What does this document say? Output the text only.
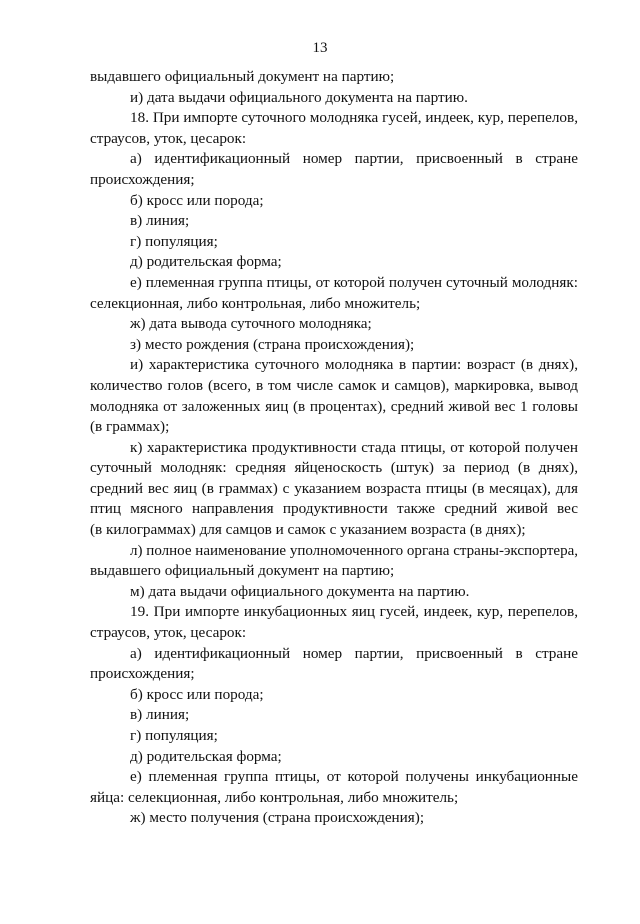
13
выдавшего официальный документ на партию;
и) дата выдачи официального документа на партию.
18. При импорте суточного молодняка гусей, индеек, кур, перепелов,
страусов, уток, цесарок:
а) идентификационный номер партии, присвоенный в стране
происхождения;
б) кросс или порода;
в) линия;
г) популяция;
д) родительская форма;
е) племенная группа птицы, от которой получен суточный молодняк:
селекционная, либо контрольная, либо множитель;
ж) дата вывода суточного молодняка;
з) место рождения (страна происхождения);
и) характеристика суточного молодняка в партии: возраст (в днях),
количество голов (всего, в том числе самок и самцов), маркировка, вывод
молодняка от заложенных яиц (в процентах), средний живой вес 1 головы
(в граммах);
к) характеристика продуктивности стада птицы, от которой получен
суточный молодняк: средняя яйценоскость (штук) за период (в днях),
средний вес яиц (в граммах) с указанием возраста птицы (в месяцах), для
птиц мясного направления продуктивности также средний живой вес
(в килограммах) для самцов и самок с указанием возраста (в днях);
л) полное наименование уполномоченного органа страны-экспортера,
выдавшего официальный документ на партию;
м) дата выдачи официального документа на партию.
19. При импорте инкубационных яиц гусей, индеек, кур, перепелов,
страусов, уток, цесарок:
а) идентификационный номер партии, присвоенный в стране
происхождения;
б) кросс или порода;
в) линия;
г) популяция;
д) родительская форма;
е) племенная группа птицы, от которой получены инкубационные
яйца: селекционная, либо контрольная, либо множитель;
ж) место получения (страна происхождения);
